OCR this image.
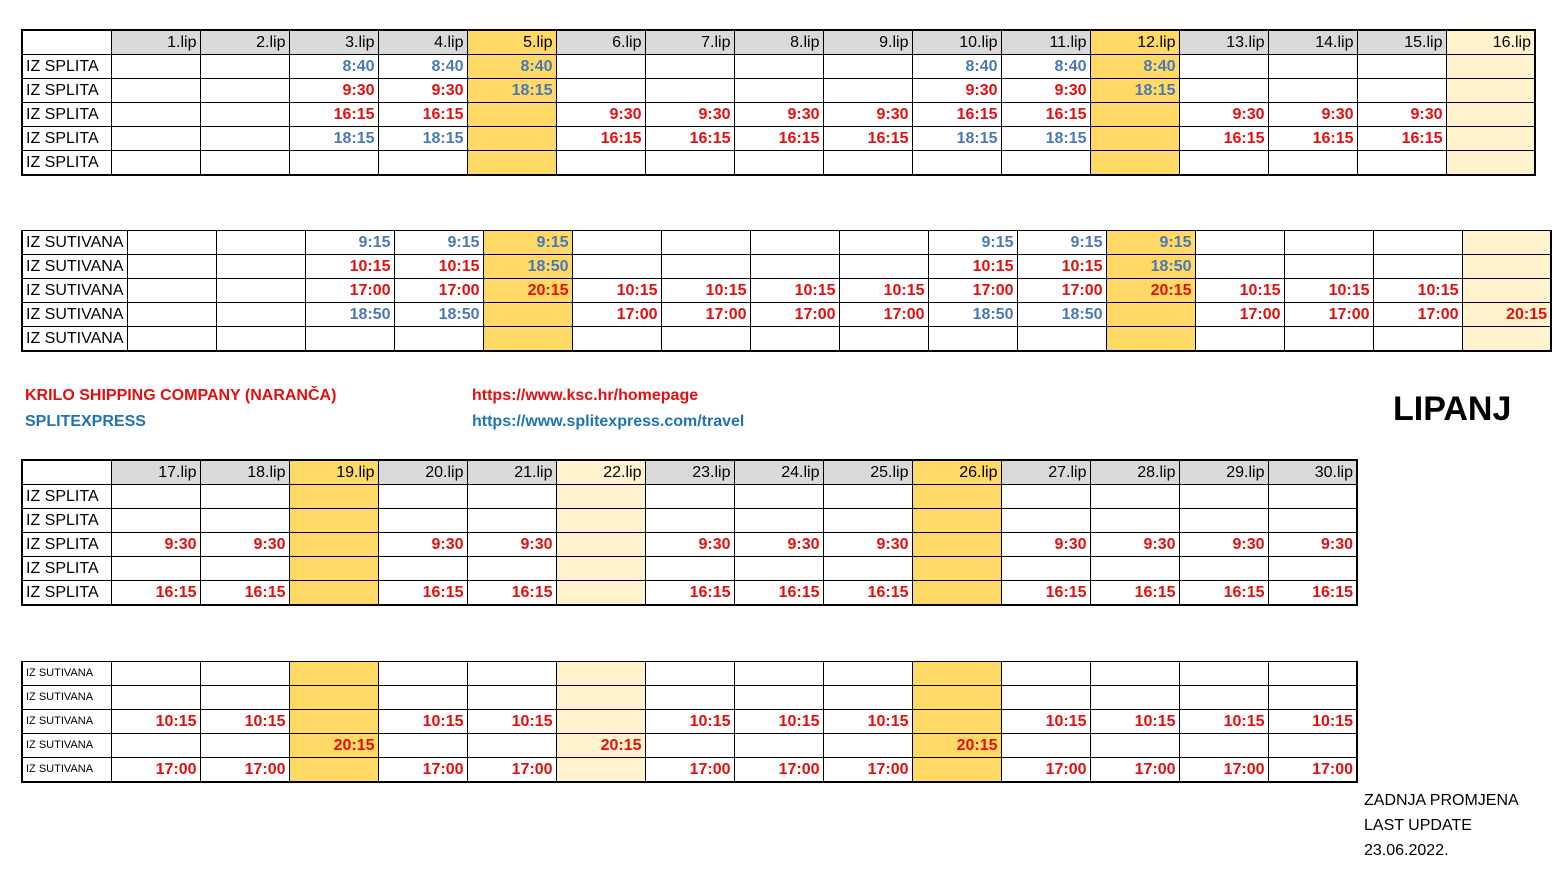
	1.lip	2.lip	3.lip	4.lip	5.lip	6.lip	7.lip	8.lip	9.lip	10.lip	11.lip	12.lip	13.lip	14.lip	15.lip	16.lip
IZ SPLITA			8:40	8:40	8:40					8:40	8:40	8:40				
IZ SPLITA			9:30	9:30	18:15					9:30	9:30	18:15				
IZ SPLITA			16:15	16:15		9:30	9:30	9:30	9:30	16:15	16:15		9:30	9:30	9:30	
IZ SPLITA			18:15	18:15		16:15	16:15	16:15	16:15	18:15	18:15		16:15	16:15	16:15	
IZ SPLITA																
IZ SUTIVANA			9:15	9:15	9:15					9:15	9:15	9:15				
IZ SUTIVANA			10:15	10:15	18:50					10:15	10:15	18:50				
IZ SUTIVANA			17:00	17:00	20:15	10:15	10:15	10:15	10:15	17:00	17:00	20:15	10:15	10:15	10:15	
IZ SUTIVANA			18:50	18:50		17:00	17:00	17:00	17:00	18:50	18:50		17:00	17:00	17:00	20:15
IZ SUTIVANA																
KRILO SHIPPING COMPANY (NARANČA)	https://www.ksc.hr/homepage
SPLITEXPRESS	https://www.splitexpress.com/travel	LIPANJ
	17.lip	18.lip	19.lip	20.lip	21.lip	22.lip	23.lip	24.lip	25.lip	26.lip	27.lip	28.lip	29.lip	30.lip
IZ SPLITA														
IZ SPLITA														
IZ SPLITA	9:30	9:30		9:30	9:30		9:30	9:30	9:30		9:30	9:30	9:30	9:30
IZ SPLITA														
IZ SPLITA	16:15	16:15		16:15	16:15		16:15	16:15	16:15		16:15	16:15	16:15	16:15
IZ SUTIVANA														
IZ SUTIVANA														
IZ SUTIVANA	10:15	10:15		10:15	10:15		10:15	10:15	10:15		10:15	10:15	10:15	10:15
IZ SUTIVANA			20:15			20:15				20:15				
IZ SUTIVANA	17:00	17:00		17:00	17:00		17:00	17:00	17:00		17:00	17:00	17:00	17:00
ZADNJA PROMJENA
LAST UPDATE
23.06.2022.
